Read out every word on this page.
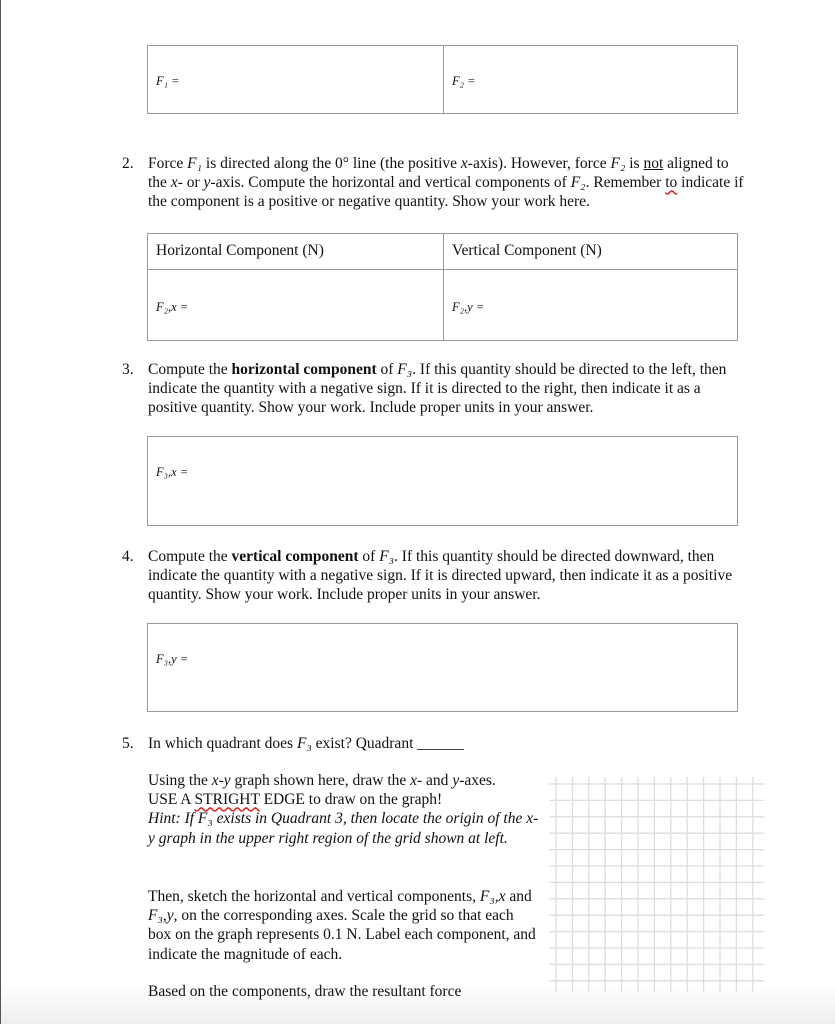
F₁ =	F₂ =
2. Force F₁ is directed along the 0° line (the positive x-axis). However, force F₂ is not aligned to the x- or y-axis. Compute the horizontal and vertical components of F₂. Remember to indicate if the component is a positive or negative quantity. Show your work here.
Horizontal Component (N)	Vertical Component (N)
F₂,x =	F₂,y =
3. Compute the horizontal component of F₃. If this quantity should be directed to the left, then indicate the quantity with a negative sign. If it is directed to the right, then indicate it as a positive quantity. Show your work. Include proper units in your answer.
F₃,x =
4. Compute the vertical component of F₃. If this quantity should be directed downward, then indicate the quantity with a negative sign. If it is directed upward, then indicate it as a positive quantity. Show your work. Include proper units in your answer.
F₃,y =
5. In which quadrant does F₃ exist? Quadrant ______
Using the x-y graph shown here, draw the x- and y-axes.
USE A STRIGHT EDGE to draw on the graph!
Hint: If F₃ exists in Quadrant 3, then locate the origin of the x-y graph in the upper right region of the grid shown at left.
Then, sketch the horizontal and vertical components, F₃,x and F₃,y, on the corresponding axes. Scale the grid so that each box on the graph represents 0.1 N. Label each component, and indicate the magnitude of each.
Based on the components, draw the resultant force
